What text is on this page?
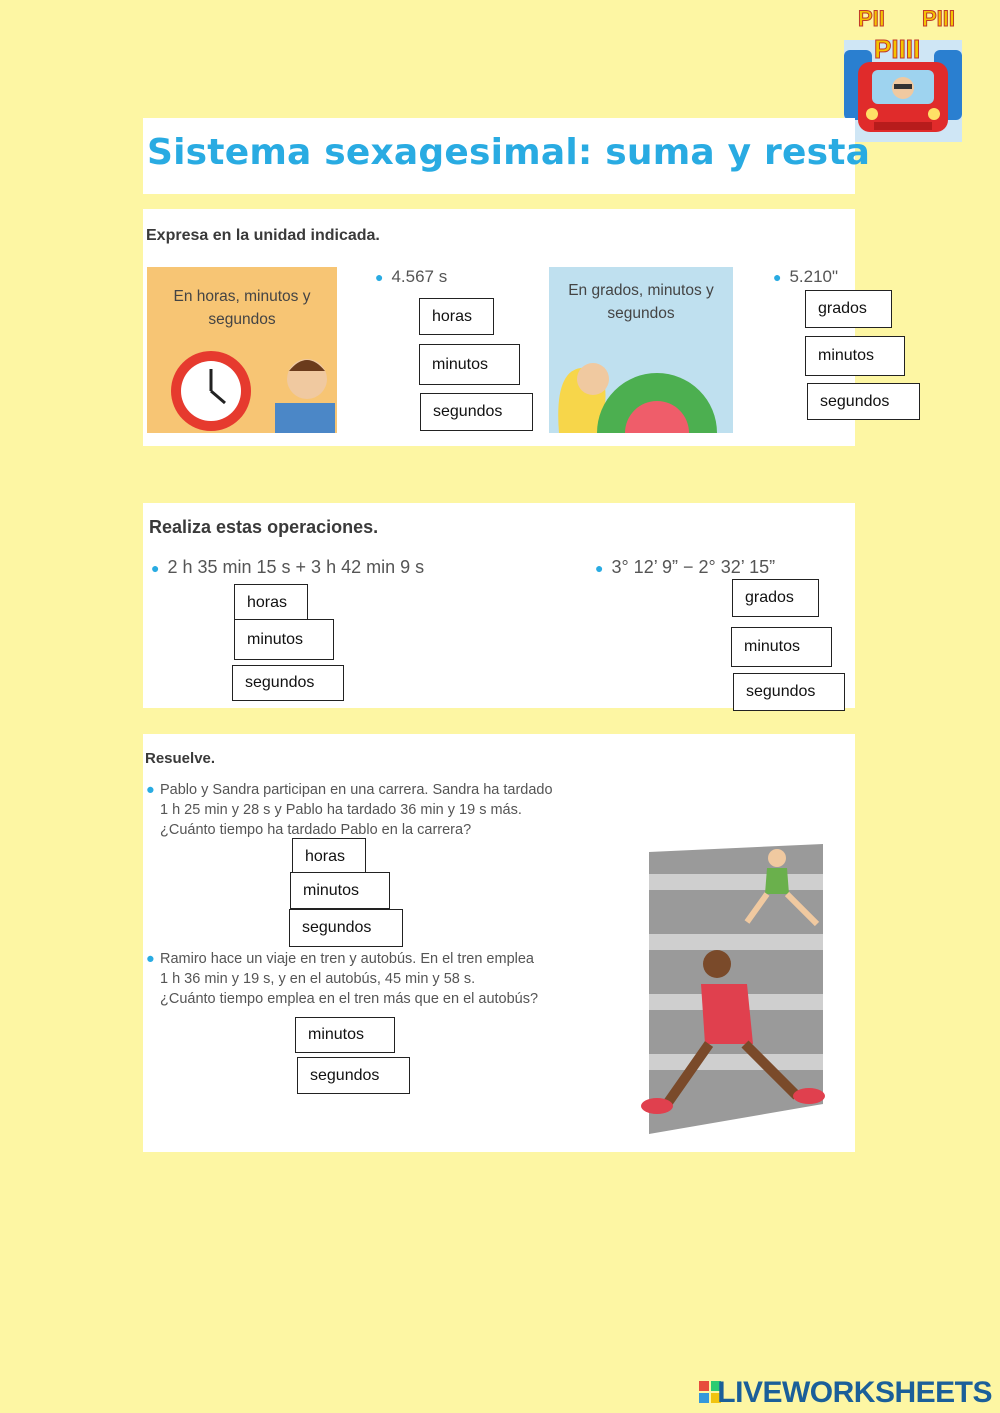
PII PIII
PIIII
Sistema sexagesimal: suma y resta
Expresa en la unidad indicada.
En horas, minutos y segundos
● 4.567 s
En grados, minutos y segundos
● 5.210"
horas
minutos
segundos
grados
minutos
segundos
Realiza estas operaciones.
● 2 h 35 min 15 s + 3 h 42 min 9 s	● 3° 12’ 9” − 2° 32’ 15”
horas
minutos
segundos
grados
minutos
segundos
Resuelve.
● Pablo y Sandra participan en una carrera. Sandra ha tardado
1 h 25 min y 28 s y Pablo ha tardado 36 min y 19 s más.
¿Cuánto tiempo ha tardado Pablo en la carrera?
● Ramiro hace un viaje en tren y autobús. En el tren emplea
1 h 36 min y 19 s, y en el autobús, 45 min y 58 s.
¿Cuánto tiempo emplea en el tren más que en el autobús?
horas
minutos
segundos
minutos
segundos
LIVEWORKSHEETS
